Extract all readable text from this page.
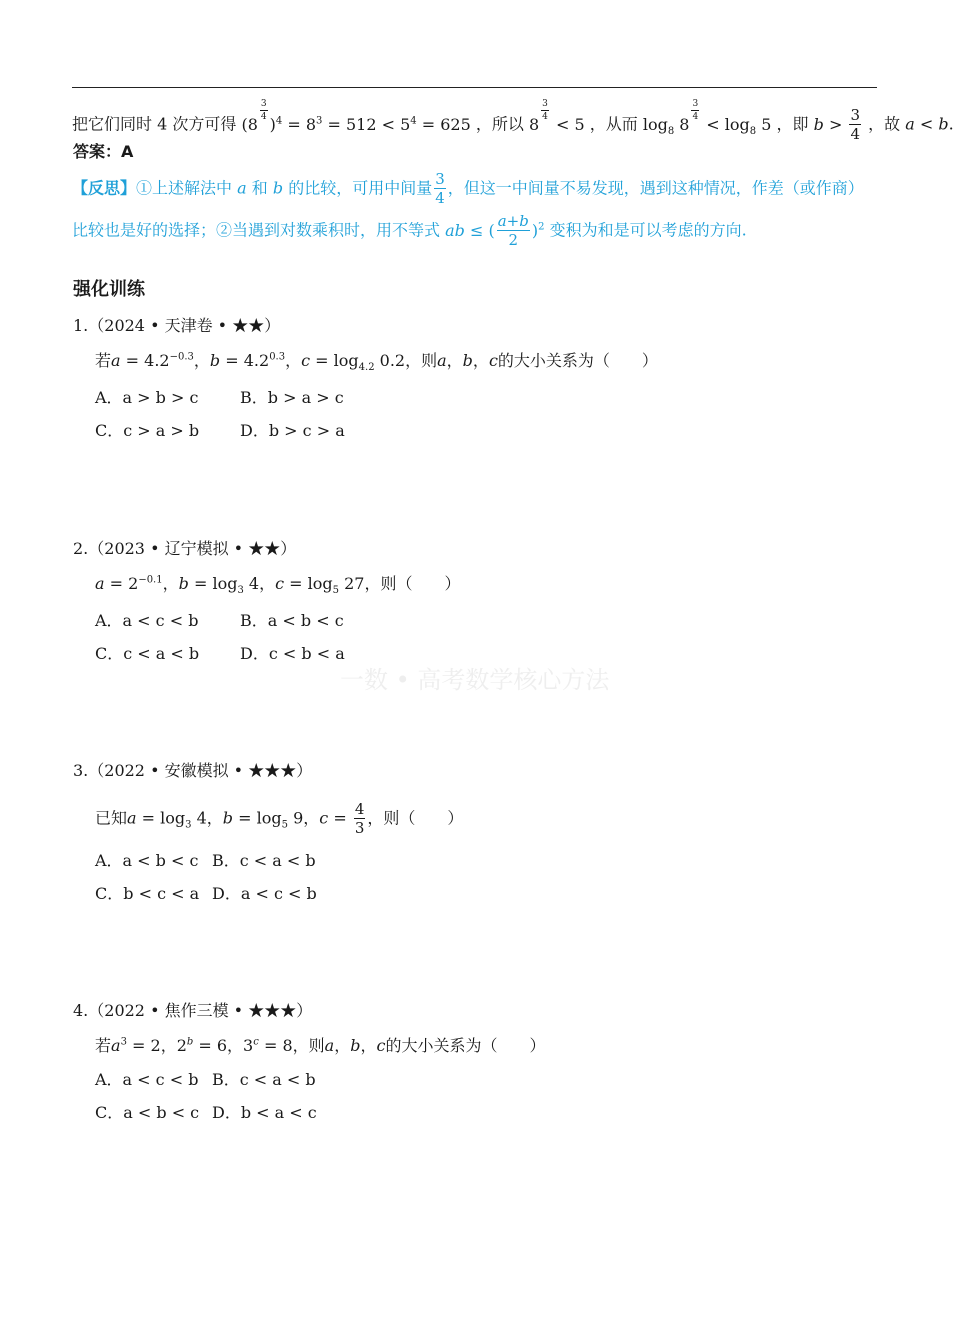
把它们同时 4 次方可得 (8
$^{\frac{3}{4}}$
)$^4 = 8^3 = 512 < 5^4 = 625$ ，所以 8
$^{\frac{3}{4}}$
< 5 ，从而 $\log_8 8$
$^{\frac{3}{4}}$
< $\log_8 5$ ，即 $b > \frac{3}{4}$ ，故 a < b.
答案：A
【反思】①上述解法中 a 和 b 的比较，可用中间量 $\frac{3}{4}$ ，但这一中间量不易发现，遇到这种情况，作差（或作商）
比较也是好的选择；②当遇到对数乘积时，用不等式 ab ≤ ( $\frac{a+b}{2} )^2$ 变积为和是可以考虑的方向.
强化训练
1.（2024 • 天津卷 • ★★）
若$a = 4.2^{-0.3}$，$b = 4.2^{0.3}$，$c = \log_{4.2} 0.2$，则a，b，c的大小关系为（　　）
A．a > b > c	B．b > a > c
C．c > a > b	D．b > c > a
2.（2023 • 辽宁模拟 • ★★）
$a = 2^{-0.1}$，$b = \log_3 4$，$c = \log_5 27$，则（　　）
A．a < c < b	B．a < b < c
C．c < a < b	D．c < b < a
一数 • 高考数学核心方法
3.（2022 • 安徽模拟 • ★★★）
已知$a = \log_3 4$，$b = \log_5 9$，$c = \frac{4}{3}$ ，则（　　）
A．a < b < c B．c < a < b
C．b < c < a D．a < c < b
4.（2022 • 焦作三模 • ★★★）
若$a^3 = 2$，$2^b = 6$，$3^c = 8$，则a，b，c的大小关系为（　　）
A．a < c < b B．c < a < b
C．a < b < c D．b < a < c
